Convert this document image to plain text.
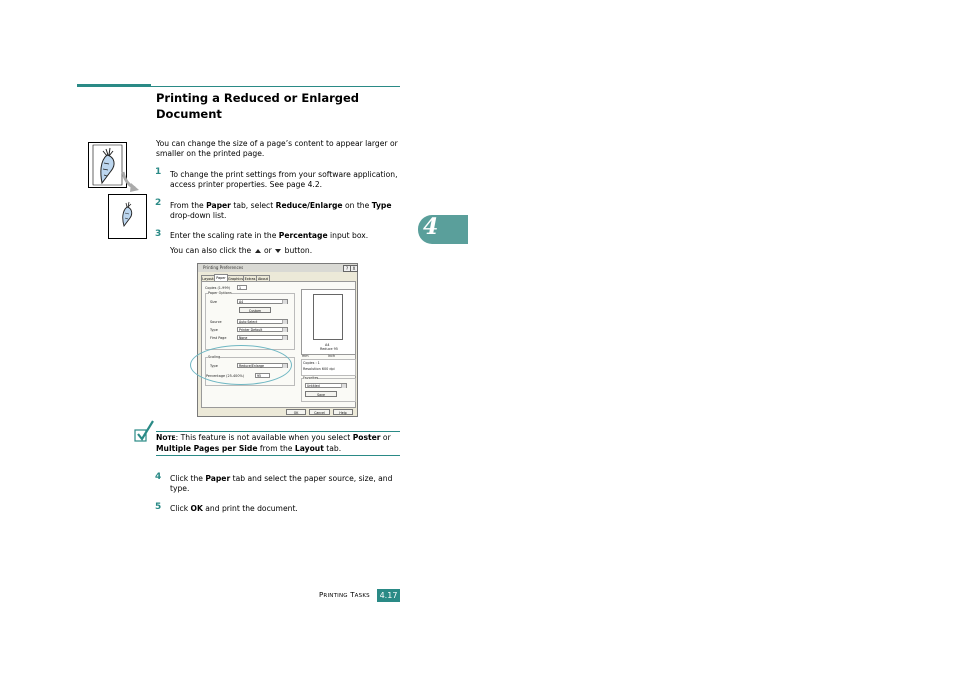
Printing a Reduced or Enlarged Document
4
You can change the size of a page’s content to appear larger or smaller on the printed page.
1 To change the print settings from your software application, access printer properties. See page 4.2.
2 From the Paper tab, select Reduce/Enlarge on the Type drop-down list.
3 Enter the scaling rate in the Percentage input box.
You can also click the or button.
Printing Preferences	?	X
Layout Paper Graphics Extras About
Copies (1-999)	1
Paper Options
Size	A4
Custom
Source	Auto Select
Type	Printer Default
First Page	None
Scaling
Type	Reduce/Enlarge
Percentage (25-400%)	95
A4
Reduce 95
mm	inch
Copies : 1
Resolution 600 dpi
Favorites
Untitled
Save
OK	Cancel	Help
NOTE: This feature is not available when you select Poster or Multiple Pages per Side from the Layout tab.
4 Click the Paper tab and select the paper source, size, and type.
5 Click OK and print the document.
PRINTING TASKS	4.17
